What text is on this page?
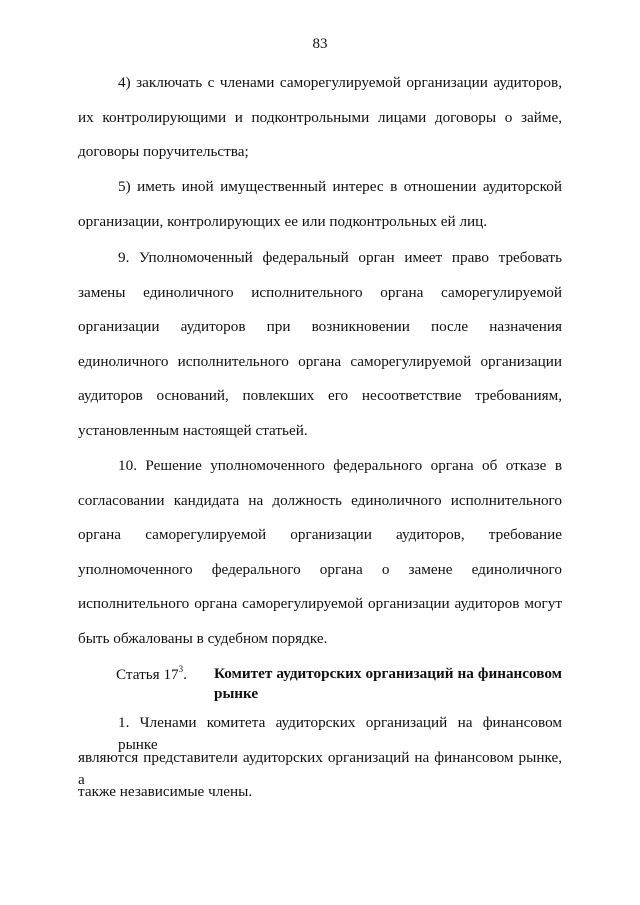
83
4) заключать с членами саморегулируемой организации аудиторов,
их контролирующими и подконтрольными лицами договоры о займе,
договоры поручительства;
5) иметь иной имущественный интерес в отношении аудиторской
организации, контролирующих ее или подконтрольных ей лиц.
9. Уполномоченный федеральный орган имеет право требовать
замены единоличного исполнительного органа саморегулируемой
организации аудиторов при возникновении после назначения
единоличного исполнительного органа саморегулируемой организации
аудиторов оснований, повлекших его несоответствие требованиям,
установленным настоящей статьей.
10. Решение уполномоченного федерального органа об отказе в
согласовании кандидата на должность единоличного исполнительного
органа саморегулируемой организации аудиторов, требование
уполномоченного федерального органа о замене единоличного
исполнительного органа саморегулируемой организации аудиторов могут
быть обжалованы в судебном порядке.
Статья $17^3$. Комитет аудиторских организаций на финансовом рынке
1. Членами комитета аудиторских организаций на финансовом рынке
являются представители аудиторских организаций на финансовом рынке, а
также независимые члены.
